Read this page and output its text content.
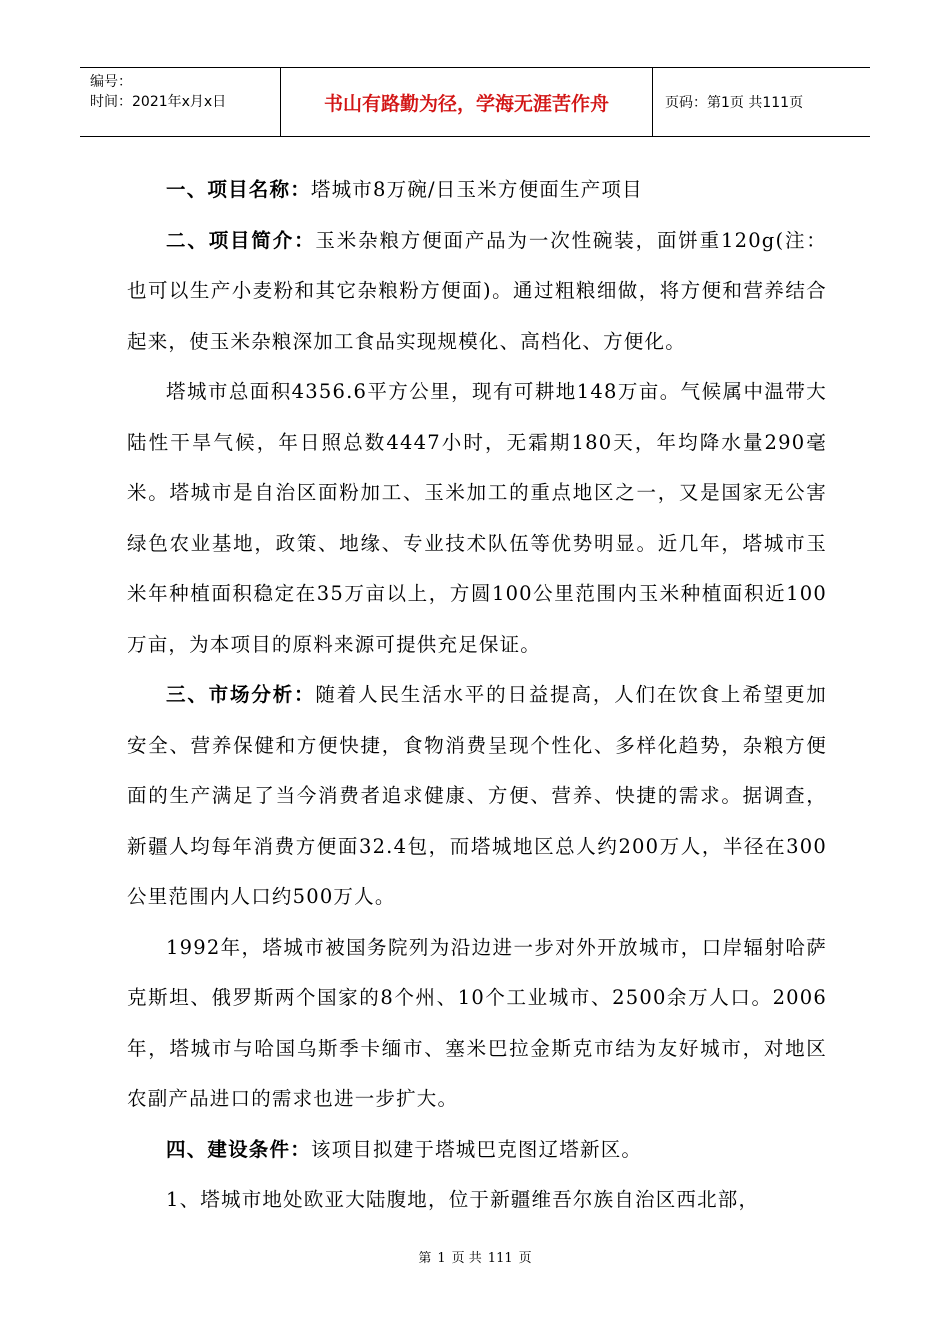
编号：
时间：2021年x月x日	书山有路勤为径，学海无涯苦作舟	页码：第1页 共111页

一、项目名称：塔城市8万碗/日玉米方便面生产项目

二、项目简介：玉米杂粮方便面产品为一次性碗装，面饼重120g(注：也可以生产小麦粉和其它杂粮粉方便面)。通过粗粮细做，将方便和营养结合起来，使玉米杂粮深加工食品实现规模化、高档化、方便化。

塔城市总面积4356.6平方公里，现有可耕地148万亩。气候属中温带大陆性干旱气候，年日照总数4447小时，无霜期180天，年均降水量290毫米。塔城市是自治区面粉加工、玉米加工的重点地区之一，又是国家无公害绿色农业基地，政策、地缘、专业技术队伍等优势明显。近几年，塔城市玉米年种植面积稳定在35万亩以上，方圆100公里范围内玉米种植面积近100万亩，为本项目的原料来源可提供充足保证。

三、市场分析：随着人民生活水平的日益提高，人们在饮食上希望更加安全、营养保健和方便快捷，食物消费呈现个性化、多样化趋势，杂粮方便面的生产满足了当今消费者追求健康、方便、营养、快捷的需求。据调查，新疆人均每年消费方便面32.4包，而塔城地区总人约200万人，半径在300公里范围内人口约500万人。

1992年，塔城市被国务院列为沿边进一步对外开放城市，口岸辐射哈萨克斯坦、俄罗斯两个国家的8个州、10个工业城市、2500余万人口。2006年，塔城市与哈国乌斯季卡缅市、塞米巴拉金斯克市结为友好城市，对地区农副产品进口的需求也进一步扩大。

四、建设条件：该项目拟建于塔城巴克图辽塔新区。

1、塔城市地处欧亚大陆腹地，位于新疆维吾尔族自治区西北部，

第 1 页 共 111 页
